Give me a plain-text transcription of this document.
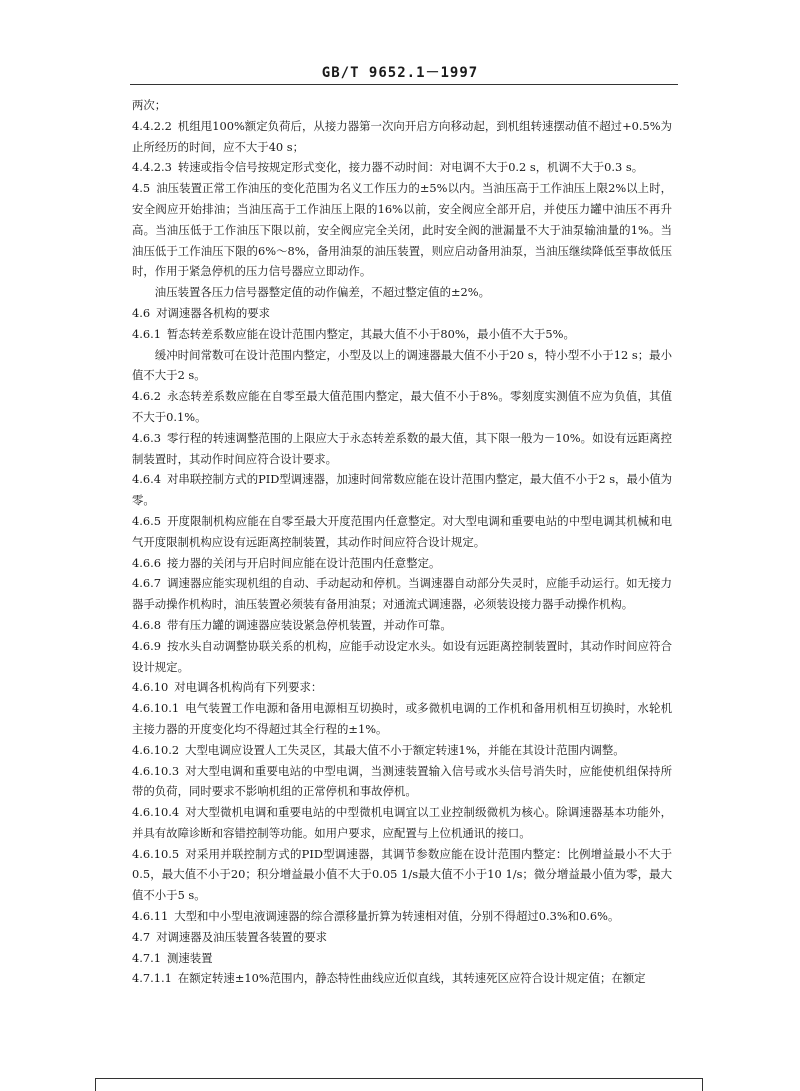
GB/T 9652.1－1997

两次；

4.4.2.2 机组甩100%额定负荷后，从接力器第一次向开启方向移动起，到机组转速摆动值不超过+0.5%为止所经历的时间，应不大于40 s；

4.4.2.3 转速或指令信号按规定形式变化，接力器不动时间：对电调不大于0.2 s，机调不大于0.3 s。

4.5 油压装置正常工作油压的变化范围为名义工作压力的±5%以内。当油压高于工作油压上限2%以上时，安全阀应开始排油；当油压高于工作油压上限的16%以前，安全阀应全部开启，并使压力罐中油压不再升高。当油压低于工作油压下限以前，安全阀应完全关闭，此时安全阀的泄漏量不大于油泵输油量的1%。当油压低于工作油压下限的6%～8%，备用油泵的油压装置，则应启动备用油泵，当油压继续降低至事故低压时，作用于紧急停机的压力信号器应立即动作。

油压装置各压力信号器整定值的动作偏差，不超过整定值的±2%。

4.6 对调速器各机构的要求

4.6.1 暂态转差系数应能在设计范围内整定，其最大值不小于80%，最小值不大于5%。

缓冲时间常数可在设计范围内整定，小型及以上的调速器最大值不小于20 s，特小型不小于12 s；最小值不大于2 s。

4.6.2 永态转差系数应能在自零至最大值范围内整定，最大值不小于8%。零刻度实测值不应为负值，其值不大于0.1%。

4.6.3 零行程的转速调整范围的上限应大于永态转差系数的最大值，其下限一般为－10%。如设有远距离控制装置时，其动作时间应符合设计要求。

4.6.4 对串联控制方式的PID型调速器，加速时间常数应能在设计范围内整定，最大值不小于2 s，最小值为零。

4.6.5 开度限制机构应能在自零至最大开度范围内任意整定。对大型电调和重要电站的中型电调其机械和电气开度限制机构应设有远距离控制装置，其动作时间应符合设计规定。

4.6.6 接力器的关闭与开启时间应能在设计范围内任意整定。

4.6.7 调速器应能实现机组的自动、手动起动和停机。当调速器自动部分失灵时，应能手动运行。如无接力器手动操作机构时，油压装置必须装有备用油泵；对通流式调速器，必须装设接力器手动操作机构。

4.6.8 带有压力罐的调速器应装设紧急停机装置，并动作可靠。

4.6.9 按水头自动调整协联关系的机构，应能手动设定水头。如设有远距离控制装置时，其动作时间应符合设计规定。

4.6.10 对电调各机构尚有下列要求：

4.6.10.1 电气装置工作电源和备用电源相互切换时，或多微机电调的工作机和备用机相互切换时，水轮机主接力器的开度变化均不得超过其全行程的±1%。

4.6.10.2 大型电调应设置人工失灵区，其最大值不小于额定转速1%，并能在其设计范围内调整。

4.6.10.3 对大型电调和重要电站的中型电调，当测速装置输入信号或水头信号消失时，应能使机组保持所带的负荷，同时要求不影响机组的正常停机和事故停机。

4.6.10.4 对大型微机电调和重要电站的中型微机电调宜以工业控制级微机为核心。除调速器基本功能外，并具有故障诊断和容错控制等功能。如用户要求，应配置与上位机通讯的接口。

4.6.10.5 对采用并联控制方式的PID型调速器，其调节参数应能在设计范围内整定：比例增益最小不大于0.5，最大值不小于20；积分增益最小值不大于0.05 1/s最大值不小于10 1/s；微分增益最小值为零，最大值不小于5 s。

4.6.11 大型和中小型电液调速器的综合漂移量折算为转速相对值，分别不得超过0.3%和0.6%。

4.7 对调速器及油压装置各装置的要求

4.7.1 测速装置

4.7.1.1 在额定转速±10%范围内，静态特性曲线应近似直线，其转速死区应符合设计规定值；在额定
